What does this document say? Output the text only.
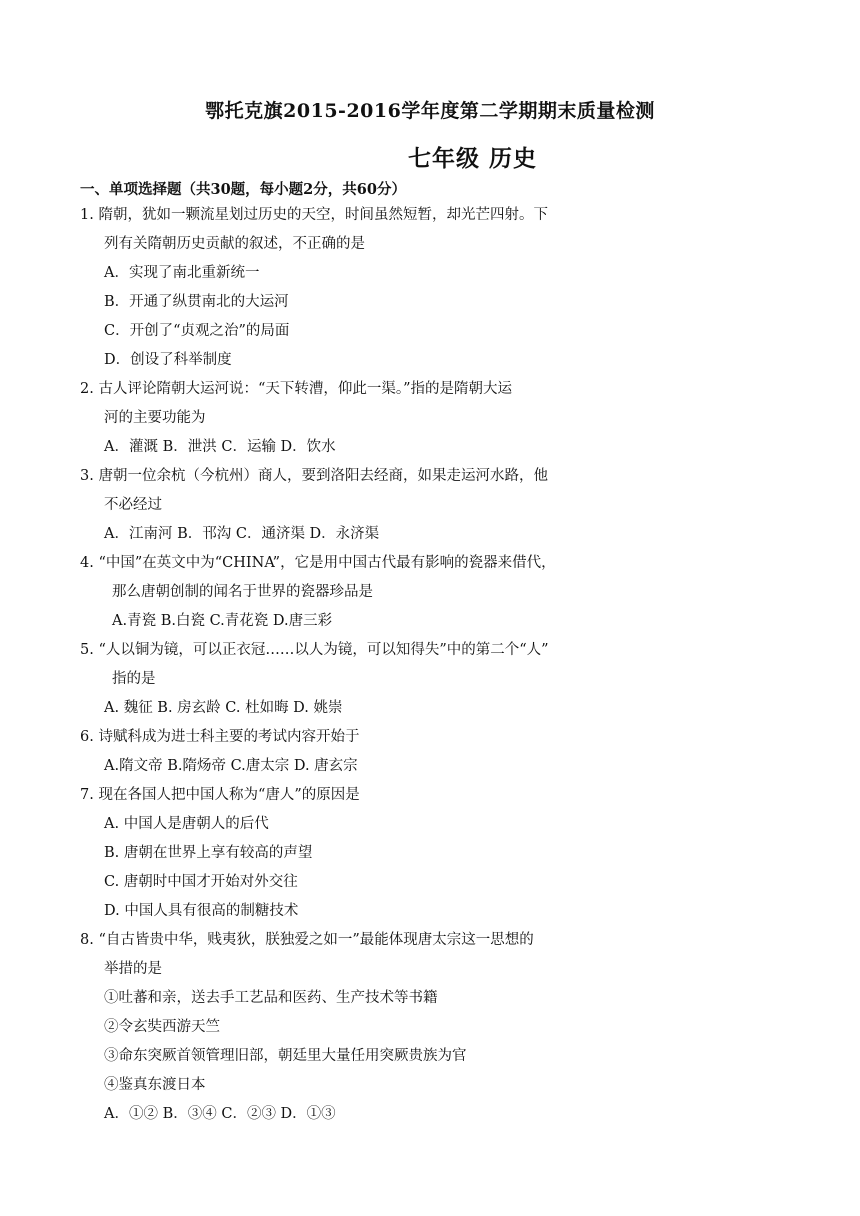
鄂托克旗2015-2016学年度第二学期期末质量检测
七年级 历史
一、单项选择题（共30题，每小题2分，共60分）
1. 隋朝，犹如一颗流星划过历史的天空，时间虽然短暂，却光芒四射。下
列有关隋朝历史贡献的叙述，不正确的是
A．实现了南北重新统一
B．开通了纵贯南北的大运河
C．开创了“贞观之治”的局面
D．创设了科举制度
2. 古人评论隋朝大运河说：“天下转漕，仰此一渠。”指的是隋朝大运
河的主要功能为
A．灌溉 B．泄洪 C．运输 D．饮水
3. 唐朝一位余杭（今杭州）商人，要到洛阳去经商，如果走运河水路，他
不必经过
A．江南河 B．邗沟 C．通济渠 D．永济渠
4. “中国”在英文中为“CHINA”，它是用中国古代最有影响的瓷器来借代，
那么唐朝创制的闻名于世界的瓷器珍品是
A.青瓷 B.白瓷 C.青花瓷 D.唐三彩
5. “人以铜为镜，可以正衣冠……以人为镜，可以知得失”中的第二个“人”
指的是
A. 魏征 B. 房玄龄 C. 杜如晦 D. 姚崇
6. 诗赋科成为进士科主要的考试内容开始于
A.隋文帝 B.隋炀帝 C.唐太宗 D. 唐玄宗
7. 现在各国人把中国人称为“唐人”的原因是
A. 中国人是唐朝人的后代
B. 唐朝在世界上享有较高的声望
C. 唐朝时中国才开始对外交往
D. 中国人具有很高的制糖技术
8. “自古皆贵中华，贱夷狄，朕独爱之如一”最能体现唐太宗这一思想的
举措的是
①吐蕃和亲，送去手工艺品和医药、生产技术等书籍
②令玄奘西游天竺
③命东突厥首领管理旧部，朝廷里大量任用突厥贵族为官
④鉴真东渡日本
A．①② B．③④ C．②③ D．①③
